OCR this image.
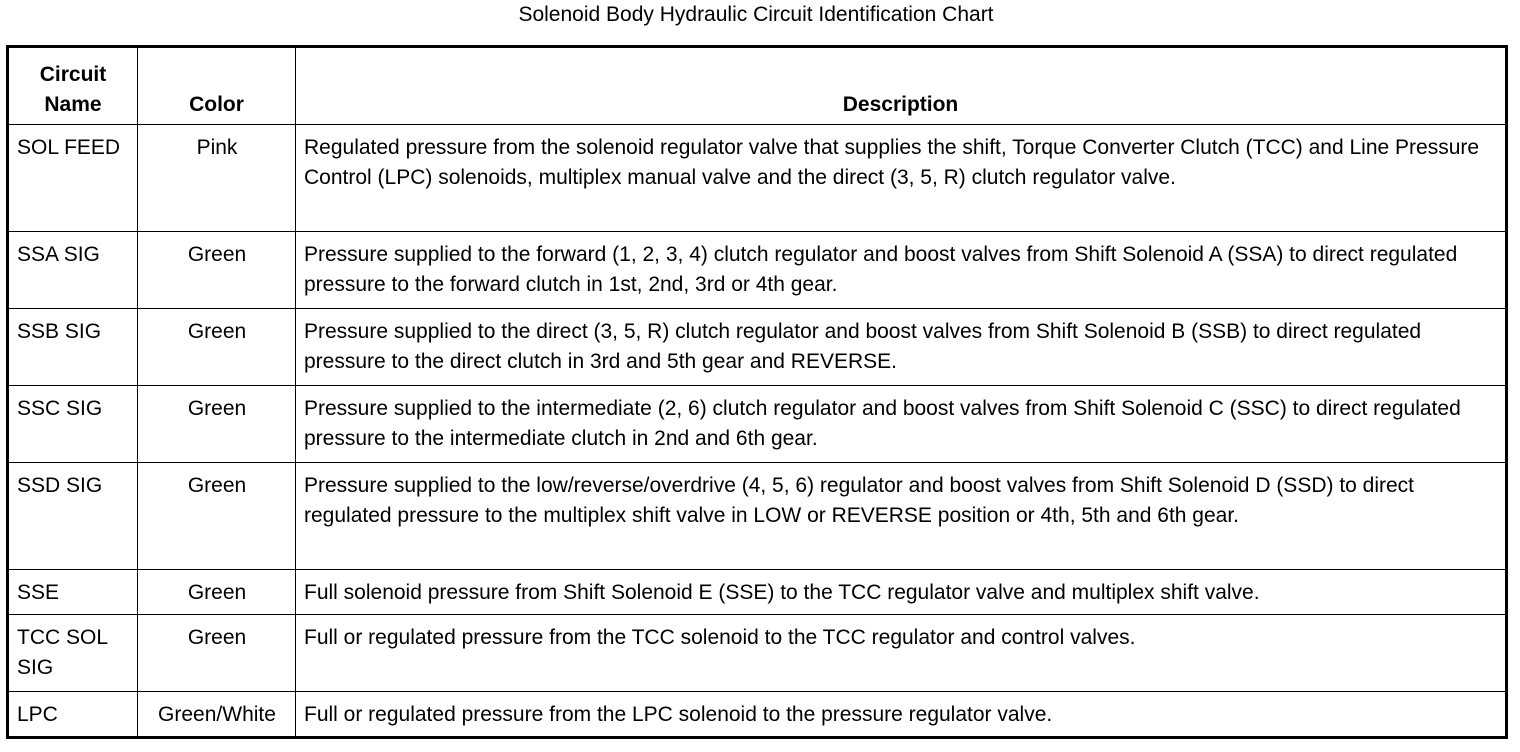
Solenoid Body Hydraulic Circuit Identification Chart
Circuit Name	Color	Description
SOL FEED	Pink	Regulated pressure from the solenoid regulator valve that supplies the shift, Torque Converter Clutch (TCC) and Line Pressure Control (LPC) solenoids, multiplex manual valve and the direct (3, 5, R) clutch regulator valve.
SSA SIG	Green	Pressure supplied to the forward (1, 2, 3, 4) clutch regulator and boost valves from Shift Solenoid A (SSA) to direct regulated pressure to the forward clutch in 1st, 2nd, 3rd or 4th gear.
SSB SIG	Green	Pressure supplied to the direct (3, 5, R) clutch regulator and boost valves from Shift Solenoid B (SSB) to direct regulated pressure to the direct clutch in 3rd and 5th gear and REVERSE.
SSC SIG	Green	Pressure supplied to the intermediate (2, 6) clutch regulator and boost valves from Shift Solenoid C (SSC) to direct regulated pressure to the intermediate clutch in 2nd and 6th gear.
SSD SIG	Green	Pressure supplied to the low/reverse/overdrive (4, 5, 6) regulator and boost valves from Shift Solenoid D (SSD) to direct regulated pressure to the multiplex shift valve in LOW or REVERSE position or 4th, 5th and 6th gear.
SSE	Green	Full solenoid pressure from Shift Solenoid E (SSE) to the TCC regulator valve and multiplex shift valve.
TCC SOL SIG	Green	Full or regulated pressure from the TCC solenoid to the TCC regulator and control valves.
LPC	Green/White	Full or regulated pressure from the LPC solenoid to the pressure regulator valve.
